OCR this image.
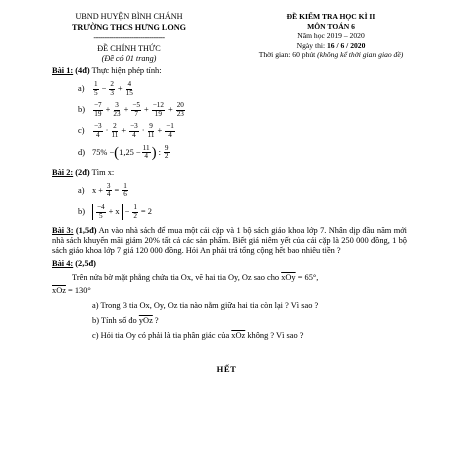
UBND HUYỆN BÌNH CHÁNH
TRƯỜNG THCS HƯNG LONG
--------------------------------
ĐỀ CHÍNH THỨC
(Đề có 01 trang)
ĐỀ KIỂM TRA HỌC KÌ II
MÔN TOÁN 6
Năm học 2019 – 2020
Ngày thi: 16 / 6 / 2020
Thời gian: 60 phút (không kể thời gian giao đề)
Bài 1: (4đ) Thực hiện phép tính:
a)	$\frac{1}{5} - \frac{2}{3} + \frac{4}{15}$
b)	$\frac{-7}{19} + \frac{3}{23} + \frac{-5}{7} + \frac{-12}{19} + \frac{20}{23}$
c)	$\frac{-3}{4} \cdot \frac{2}{11} + \frac{-3}{4} \cdot \frac{9}{11} + \frac{-1}{4}$
d) 75% − ( $1,25 - \frac{11}{4}$ ) : $\frac{9}{2}$
Bài 2: (2đ) Tìm x:
a) $x + \frac{3}{4} = \frac{1}{6}$
b)	$\frac{-4}{5} + x - \frac{1}{2} = 2$

Bài 3: (1,5đ) An vào nhà sách để mua một cái cặp và 1 bộ sách giáo khoa lớp 7. Nhân dịp đầu năm mới nhà sách khuyến mãi giảm 20% tất cả các sản phẩm. Biết giá niêm yết của cái cặp là 250 000 đồng, 1 bộ sách giáo khoa lớp 7 giá 120 000 đồng. Hỏi An phải trả tổng cộng hết bao nhiêu tiền ?

Bài 4: (2,5đ)
Trên nửa bờ mặt phẳng chứa tia Ox, vẽ hai tia Oy, Oz sao cho $\overline{xOy} = 65^\circ$,
$\overline{xOz} = 130^\circ$
a) Trong 3 tia Ox, Oy, Oz tia nào nằm giữa hai tia còn lại ? Vì sao ?
b) Tính số đo $\overline{yOz}$ ?
c) Hỏi tia Oy có phải là tia phân giác của $\overline{xOz}$ không ? Vì sao ?
HẾT
